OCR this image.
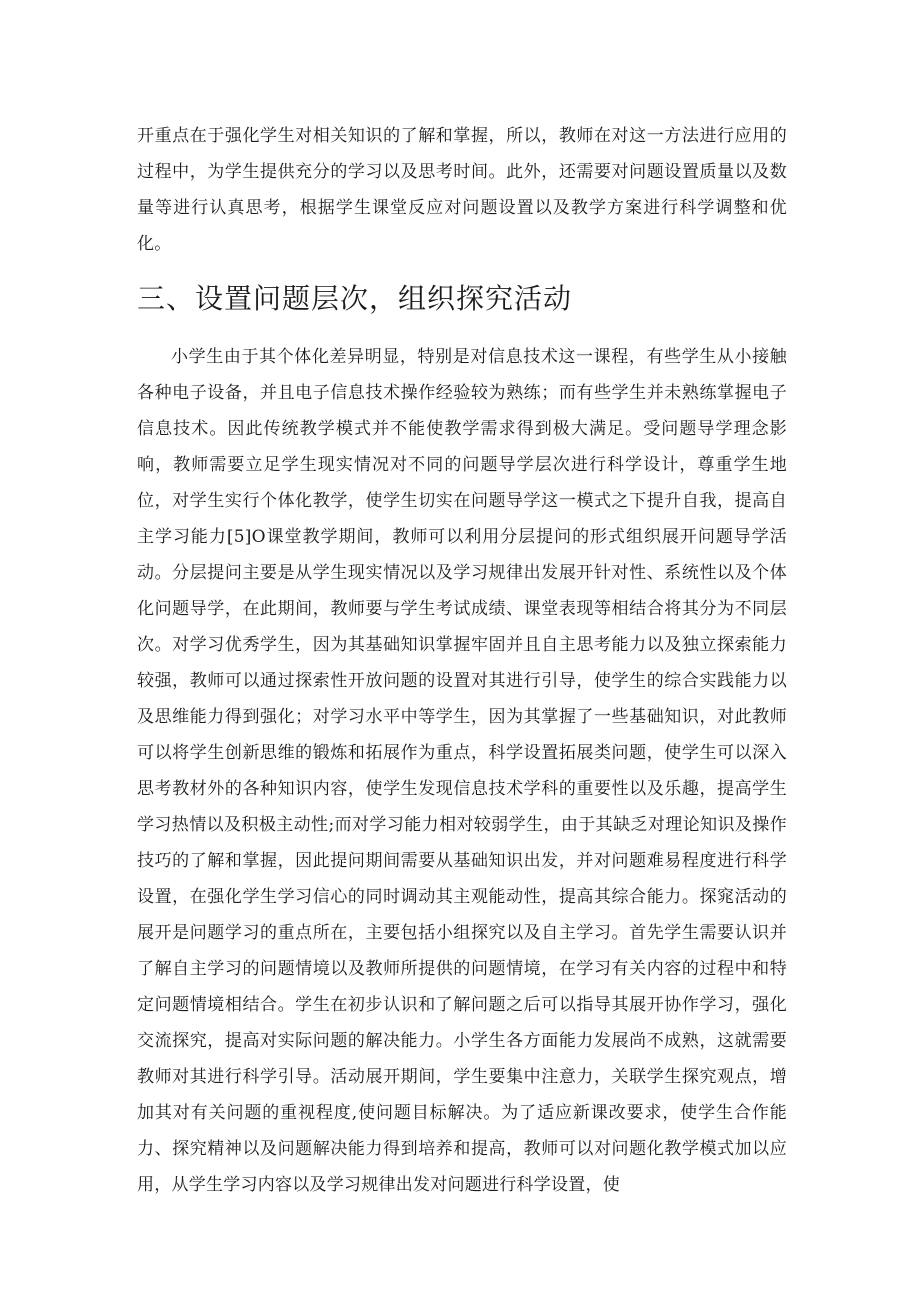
开重点在于强化学生对相关知识的了解和掌握，所以，教师在对这一方法进行应用的过程中，为学生提供充分的学习以及思考时间。此外，还需要对问题设置质量以及数量等进行认真思考，根据学生课堂反应对问题设置以及教学方案进行科学调整和优化。

三、设置问题层次，组织探究活动

小学生由于其个体化差异明显，特别是对信息技术这一课程，有些学生从小接触各种电子设备，并且电子信息技术操作经验较为熟练；而有些学生并未熟练掌握电子信息技术。因此传统教学模式并不能使教学需求得到极大满足。受问题导学理念影响，教师需要立足学生现实情况对不同的问题导学层次进行科学设计，尊重学生地位，对学生实行个体化教学，使学生切实在问题导学这一模式之下提升自我，提高自主学习能力[5]O课堂教学期间，教师可以利用分层提问的形式组织展开问题导学活动。分层提问主要是从学生现实情况以及学习规律出发展开针对性、系统性以及个体化问题导学，在此期间，教师要与学生考试成绩、课堂表现等相结合将其分为不同层次。对学习优秀学生，因为其基础知识掌握牢固并且自主思考能力以及独立探索能力较强，教师可以通过探索性开放问题的设置对其进行引导，使学生的综合实践能力以及思维能力得到强化；对学习水平中等学生，因为其掌握了一些基础知识，对此教师可以将学生创新思维的锻炼和拓展作为重点，科学设置拓展类问题，使学生可以深入思考教材外的各种知识内容，使学生发现信息技术学科的重要性以及乐趣，提高学生学习热情以及积极主动性;而对学习能力相对较弱学生，由于其缺乏对理论知识及操作技巧的了解和掌握，因此提问期间需要从基础知识出发，并对问题难易程度进行科学设置，在强化学生学习信心的同时调动其主观能动性，提高其综合能力。探窕活动的展开是问题学习的重点所在，主要包括小组探究以及自主学习。首先学生需要认识并了解自主学习的问题情境以及教师所提供的问题情境，在学习有关内容的过程中和特定问题情境相结合。学生在初步认识和了解问题之后可以指导其展开协作学习，强化交流探究，提高对实际问题的解决能力。小学生各方面能力发展尚不成熟，这就需要教师对其进行科学引导。活动展开期间，学生要集中注意力，关联学生探究观点，增加其对有关问题的重视程度,使问题目标解决。为了适应新课改要求，使学生合作能力、探究精神以及问题解决能力得到培养和提高，教师可以对问题化教学模式加以应用，从学生学习内容以及学习规律出发对问题进行科学设置，使
